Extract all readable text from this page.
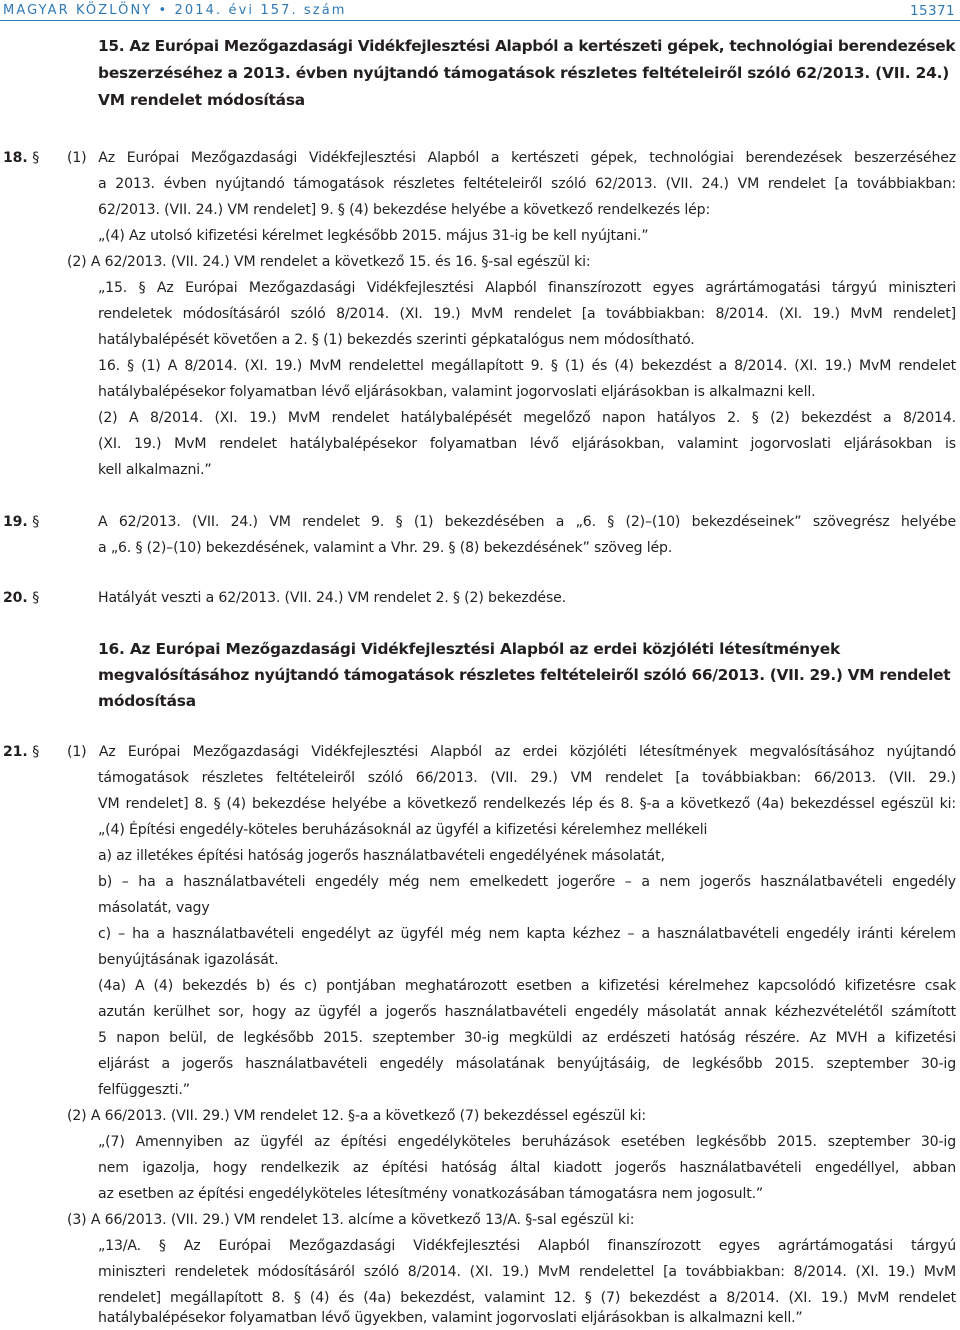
MAGYAR KÖZLÖNY • 2014. évi 157. szám	15371

15. Az Európai Mezőgazdasági Vidékfejlesztési Alapból a kertészeti gépek, technológiai berendezések

beszerzéséhez a 2013. évben nyújtandó támogatások részletes feltételeiről szóló 62/2013. (VII. 24.)

VM rendelet módosítása

18. § (1) Az Európai Mezőgazdasági Vidékfejlesztési Alapból a kertészeti gépek, technológiai berendezések beszerzéséhez

a 2013. évben nyújtandó támogatások részletes feltételeiről szóló 62/2013. (VII. 24.) VM rendelet [a továbbiakban:

62/2013. (VII. 24.) VM rendelet] 9. § (4) bekezdése helyébe a következő rendelkezés lép:

„(4) Az utolsó kifizetési kérelmet legkésőbb 2015. május 31-ig be kell nyújtani.”

(2) A 62/2013. (VII. 24.) VM rendelet a következő 15. és 16. §-sal egészül ki:

„15. § Az Európai Mezőgazdasági Vidékfejlesztési Alapból finanszírozott egyes agrártámogatási tárgyú miniszteri

rendeletek módosításáról szóló 8/2014. (XI. 19.) MvM rendelet [a továbbiakban: 8/2014. (XI. 19.) MvM rendelet]

hatálybalépését követően a 2. § (1) bekezdés szerinti gépkatalógus nem módosítható.

16. § (1) A 8/2014. (XI. 19.) MvM rendelettel megállapított 9. § (1) és (4) bekezdést a 8/2014. (XI. 19.) MvM rendelet

hatálybalépésekor folyamatban lévő eljárásokban, valamint jogorvoslati eljárásokban is alkalmazni kell.

(2) A 8/2014. (XI. 19.) MvM rendelet hatálybalépését megelőző napon hatályos 2. § (2) bekezdést a 8/2014.

(XI. 19.) MvM rendelet hatálybalépésekor folyamatban lévő eljárásokban, valamint jogorvoslati eljárásokban is

kell alkalmazni.”

19. §	A 62/2013. (VII. 24.) VM rendelet 9. § (1) bekezdésében a „6. § (2)–(10) bekezdéseinek” szövegrész helyébe

a „6. § (2)–(10) bekezdésének, valamint a Vhr. 29. § (8) bekezdésének” szöveg lép.

20. §	Hatályát veszti a 62/2013. (VII. 24.) VM rendelet 2. § (2) bekezdése.

16. Az Európai Mezőgazdasági Vidékfejlesztési Alapból az erdei közjóléti létesítmények

megvalósításához nyújtandó támogatások részletes feltételeiről szóló 66/2013. (VII. 29.) VM rendelet

módosítása

21. § (1) Az Európai Mezőgazdasági Vidékfejlesztési Alapból az erdei közjóléti létesítmények megvalósításához nyújtandó

támogatások részletes feltételeiről szóló 66/2013. (VII. 29.) VM rendelet [a továbbiakban: 66/2013. (VII. 29.)

VM rendelet] 8. § (4) bekezdése helyébe a következő rendelkezés lép és 8. §-a a következő (4a) bekezdéssel egészül ki:

„(4) Építési engedély-köteles beruházásoknál az ügyfél a kifizetési kérelemhez mellékeli

a) az illetékes építési hatóság jogerős használatbavételi engedélyének másolatát,

b) – ha a használatbavételi engedély még nem emelkedett jogerőre – a nem jogerős használatbavételi engedély

másolatát, vagy

c) – ha a használatbavételi engedélyt az ügyfél még nem kapta kézhez – a használatbavételi engedély iránti kérelem

benyújtásának igazolását.

(4a) A (4) bekezdés b) és c) pontjában meghatározott esetben a kifizetési kérelmehez kapcsolódó kifizetésre csak

azután kerülhet sor, hogy az ügyfél a jogerős használatbavételi engedély másolatát annak kézhezvételétől számított

5 napon belül, de legkésőbb 2015. szeptember 30-ig megküldi az erdészeti hatóság részére. Az MVH a kifizetési

eljárást a jogerős használatbavételi engedély másolatának benyújtásáig, de legkésőbb 2015. szeptember 30-ig

felfüggeszti.”

(2) A 66/2013. (VII. 29.) VM rendelet 12. §-a a következő (7) bekezdéssel egészül ki:

„(7) Amennyiben az ügyfél az építési engedélyköteles beruházások esetében legkésőbb 2015. szeptember 30-ig

nem igazolja, hogy rendelkezik az építési hatóság által kiadott jogerős használatbavételi engedéllyel, abban

az esetben az építési engedélyköteles létesítmény vonatkozásában támogatásra nem jogosult.”

(3) A 66/2013. (VII. 29.) VM rendelet 13. alcíme a következő 13/A. §-sal egészül ki:

„13/A. § Az Európai Mezőgazdasági Vidékfejlesztési Alapból finanszírozott egyes agrártámogatási tárgyú

miniszteri rendeletek módosításáról szóló 8/2014. (XI. 19.) MvM rendelettel [a továbbiakban: 8/2014. (XI. 19.) MvM

rendelet] megállapított 8. § (4) és (4a) bekezdést, valamint 12. § (7) bekezdést a 8/2014. (XI. 19.) MvM rendelet

hatálybalépésekor folyamatban lévő ügyekben, valamint jogorvoslati eljárásokban is alkalmazni kell.”
